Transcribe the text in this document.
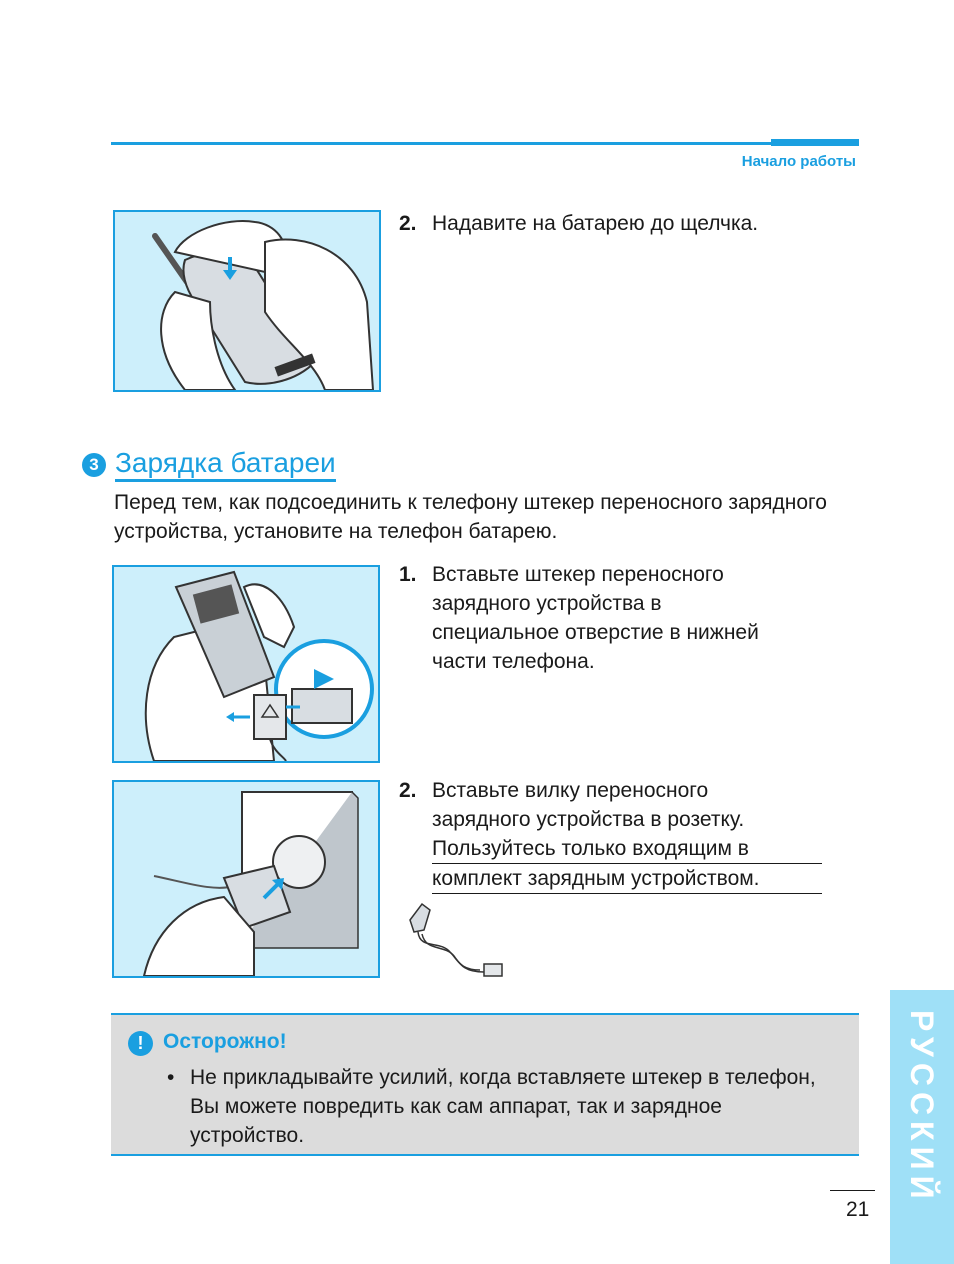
Начало работы
2. Надавите на батарею до щелчка.
3 Зарядка батареи
Перед тем, как подсоединить к телефону штекер переносного зарядного устройства, установите на телефон батарею.
1. Вставьте штекер переносного
зарядного устройства в
специальное отверстие в нижней
части телефона.
2. Вставьте вилку переносного
зарядного устройства в розетку.
Пользуйтесь только входящим в
комплект зарядным устройством.
! Осторожно!
• Не прикладывайте усилий, когда вставляете штекер в телефон, Вы можете повредить как сам аппарат, так и зарядное устройство.	РУССКИЙ
21
